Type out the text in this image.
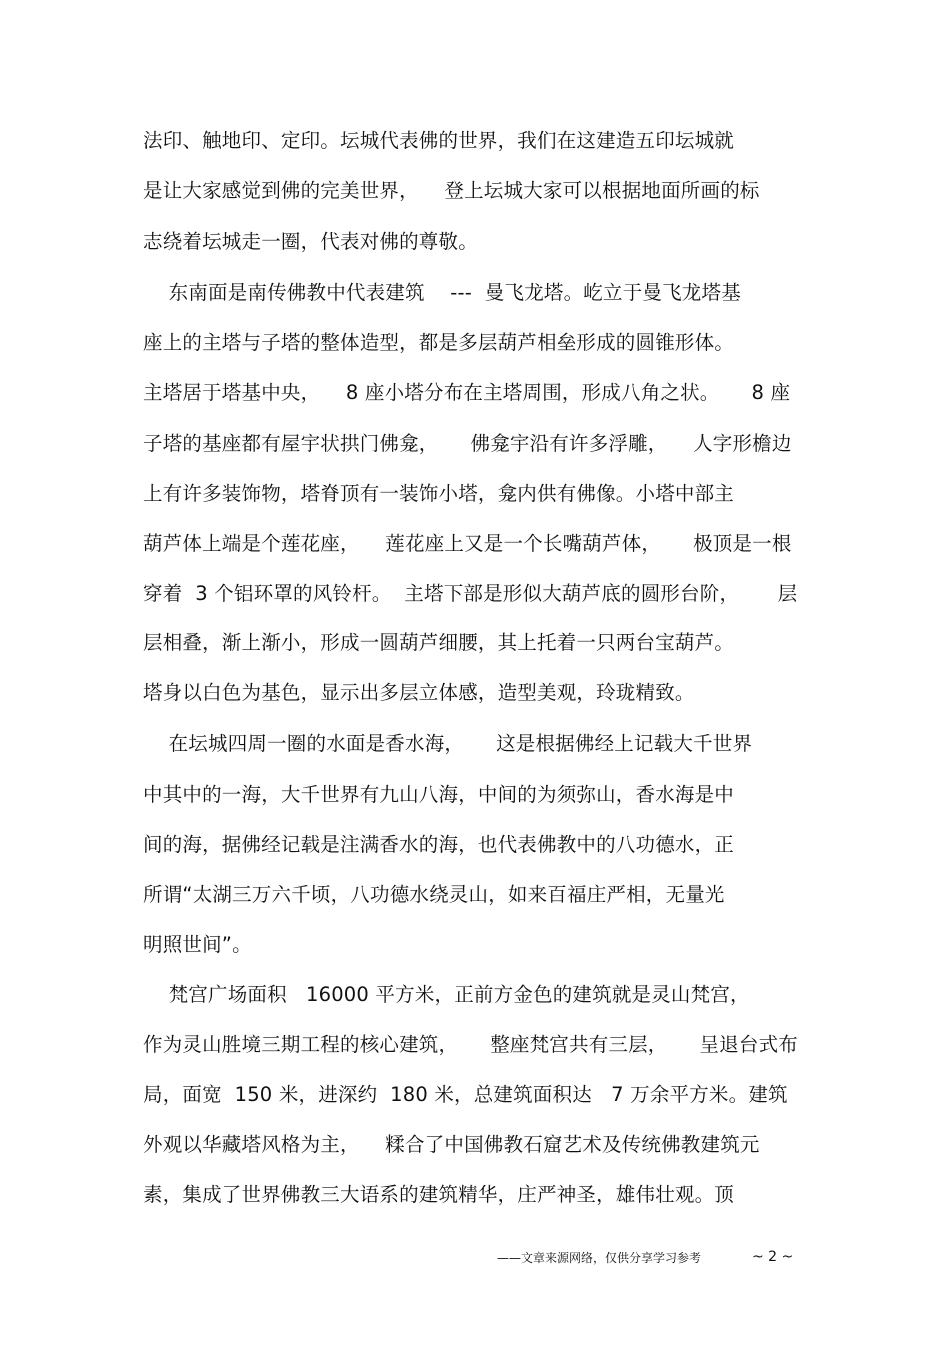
法印、触地印、定印。坛城代表佛的世界，我们在这建造五印坛城就
是让大家感觉到佛的完美世界，    登上坛城大家可以根据地面所画的标
志绕着坛城走一圈，代表对佛的尊敬。
东南面是南传佛教中代表建筑    ---  曼飞龙塔。屹立于曼飞龙塔基
座上的主塔与子塔的整体造型，都是多层葫芦相垒形成的圆锥形体。
主塔居于塔基中央，    8 座小塔分布在主塔周围，形成八角之状。     8 座
子塔的基座都有屋宇状拱门佛龛，     佛龛宇沿有许多浮雕，    人字形檐边
上有许多装饰物，塔脊顶有一装饰小塔，龛内供有佛像。小塔中部主
葫芦体上端是个莲花座，    莲花座上又是一个长嘴葫芦体，     极顶是一根
穿着  3 个铝环罩的风铃杆。  主塔下部是形似大葫芦底的圆形台阶，      层
层相叠，渐上渐小，形成一圆葫芦细腰，其上托着一只两台宝葫芦。
塔身以白色为基色，显示出多层立体感，造型美观，玲珑精致。
在坛城四周一圈的水面是香水海，     这是根据佛经上记载大千世界
中其中的一海，大千世界有九山八海，中间的为须弥山，香水海是中
间的海，据佛经记载是注满香水的海，也代表佛教中的八功德水，正
所谓“太湖三万六千顷，八功德水绕灵山，如来百福庄严相，无量光
明照世间”。
梵宫广场面积   16000 平方米，正前方金色的建筑就是灵山梵宫，
作为灵山胜境三期工程的核心建筑，     整座梵宫共有三层，     呈退台式布
局，面宽  150 米，进深约  180 米，总建筑面积达   7 万余平方米。建筑
外观以华藏塔风格为主，    糅合了中国佛教石窟艺术及传统佛教建筑元
素，集成了世界佛教三大语系的建筑精华，庄严神圣，雄伟壮观。顶
——文章来源网络，仅供分享学习参考	~ 2 ~
